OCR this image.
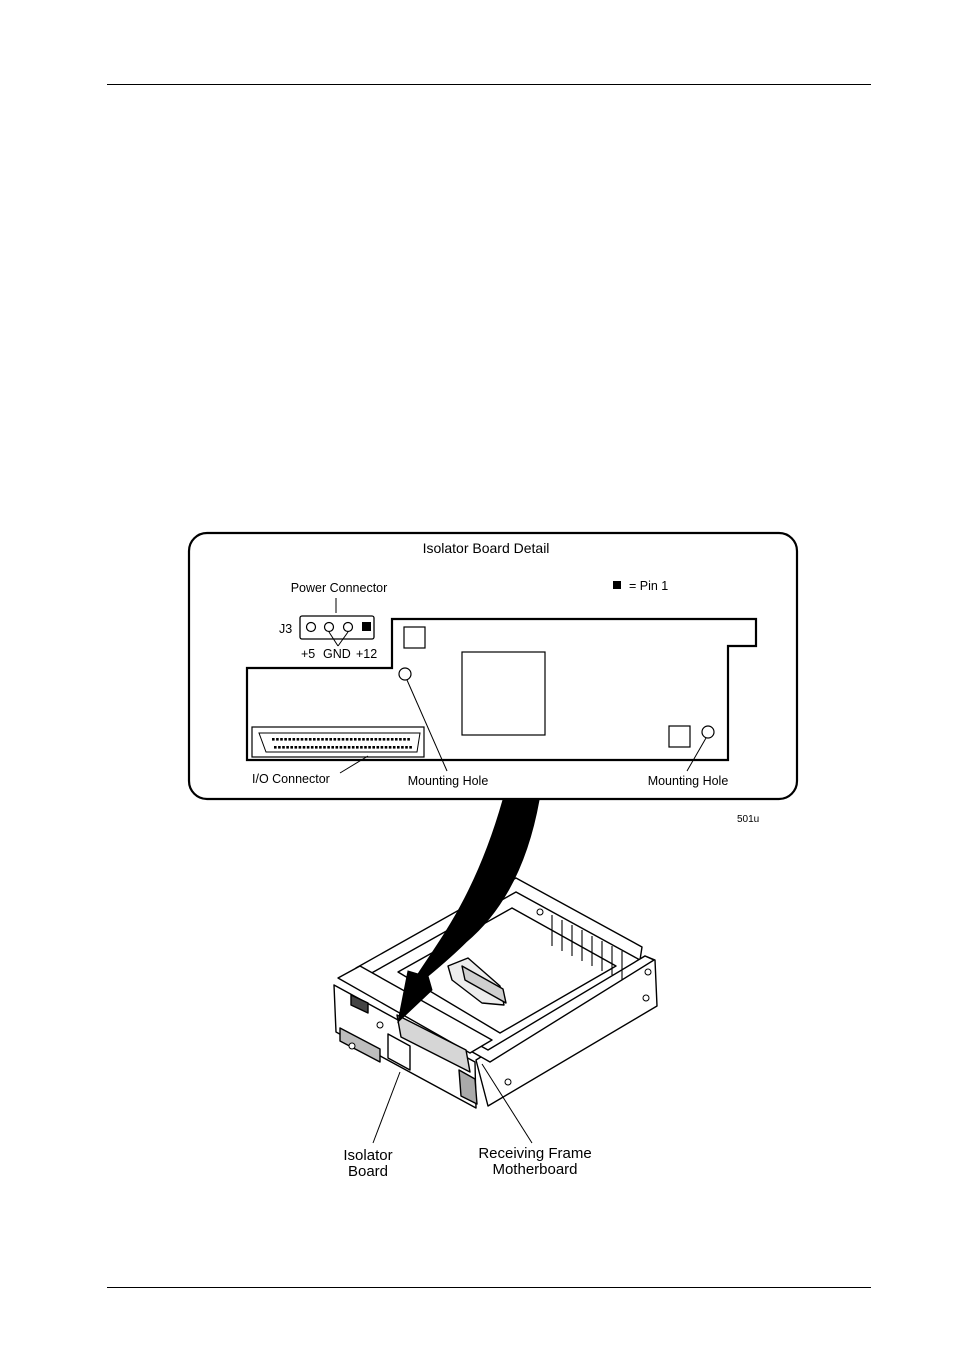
Isolator Board Detail
= Pin 1
Power Connector
J3
+5 GND +12
I/O Connector	Mounting Hole	Mounting Hole
501u
Isolator
Board
Receiving Frame
Motherboard
